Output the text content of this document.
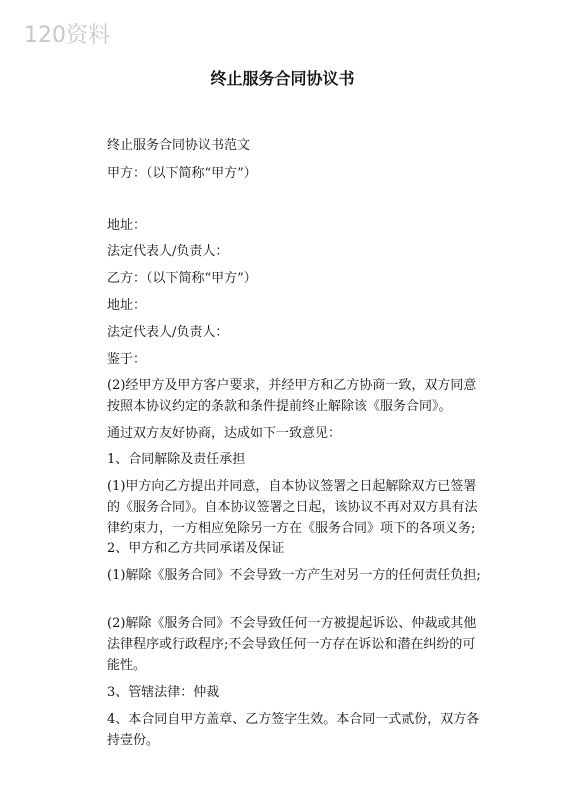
120资料
终止服务合同协议书

终止服务合同协议书范文

甲方：（以下简称“甲方”）

地址：

法定代表人/负责人：

乙方：（以下简称“甲方”）

地址：

法定代表人/负责人：

鉴于：

(2)经甲方及甲方客户要求，并经甲方和乙方协商一致，双方同意按照本协议约定的条款和条件提前终止解除该《服务合同》。

通过双方友好协商，达成如下一致意见：

1、合同解除及责任承担

(1)甲方向乙方提出并同意，自本协议签署之日起解除双方已签署的《服务合同》。自本协议签署之日起，该协议不再对双方具有法律约束力，一方相应免除另一方在《服务合同》项下的各项义务;

2、甲方和乙方共同承诺及保证

(1)解除《服务合同》不会导致一方产生对另一方的任何责任负担;

(2)解除《服务合同》不会导致任何一方被提起诉讼、仲裁或其他法律程序或行政程序;不会导致任何一方存在诉讼和潜在纠纷的可能性。

3、管辖法律：仲裁

4、本合同自甲方盖章、乙方签字生效。本合同一式贰份，双方各持壹份。
